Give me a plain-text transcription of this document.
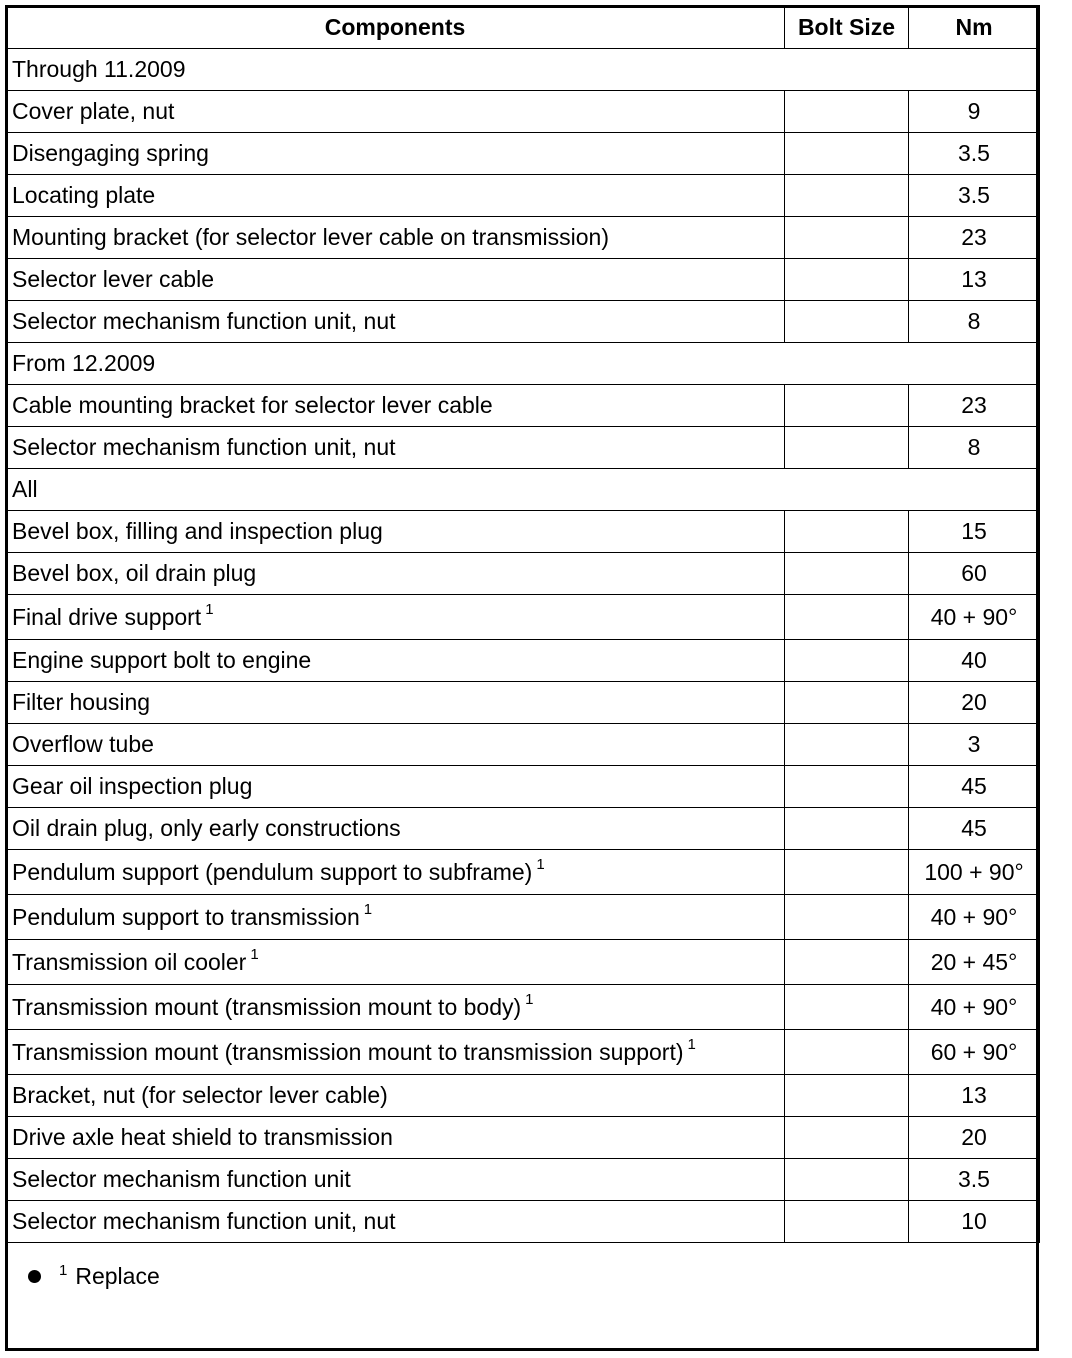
Components	Bolt Size	Nm
Through 11.2009		
Cover plate, nut		9
Disengaging spring		3.5
Locating plate		3.5
Mounting bracket (for selector lever cable on transmission)		23
Selector lever cable		13
Selector mechanism function unit, nut		8
From 12.2009		
Cable mounting bracket for selector lever cable		23
Selector mechanism function unit, nut		8
All		
Bevel box, filling and inspection plug		15
Bevel box, oil drain plug		60
Final drive support $^1$		40 + 90°
Engine support bolt to engine		40
Filter housing		20
Overflow tube		3
Gear oil inspection plug		45
Oil drain plug, only early constructions		45
Pendulum support (pendulum support to subframe) $^1$		100 + 90°
Pendulum support to transmission $^1$		40 + 90°
Transmission oil cooler $^1$		20 + 45°
Transmission mount (transmission mount to body) $^1$		40 + 90°
Transmission mount (transmission mount to transmission support) $^1$		60 + 90°
Bracket, nut (for selector lever cable)		13
Drive axle heat shield to transmission		20
Selector mechanism function unit		3.5
Selector mechanism function unit, nut		10
1 Replace
